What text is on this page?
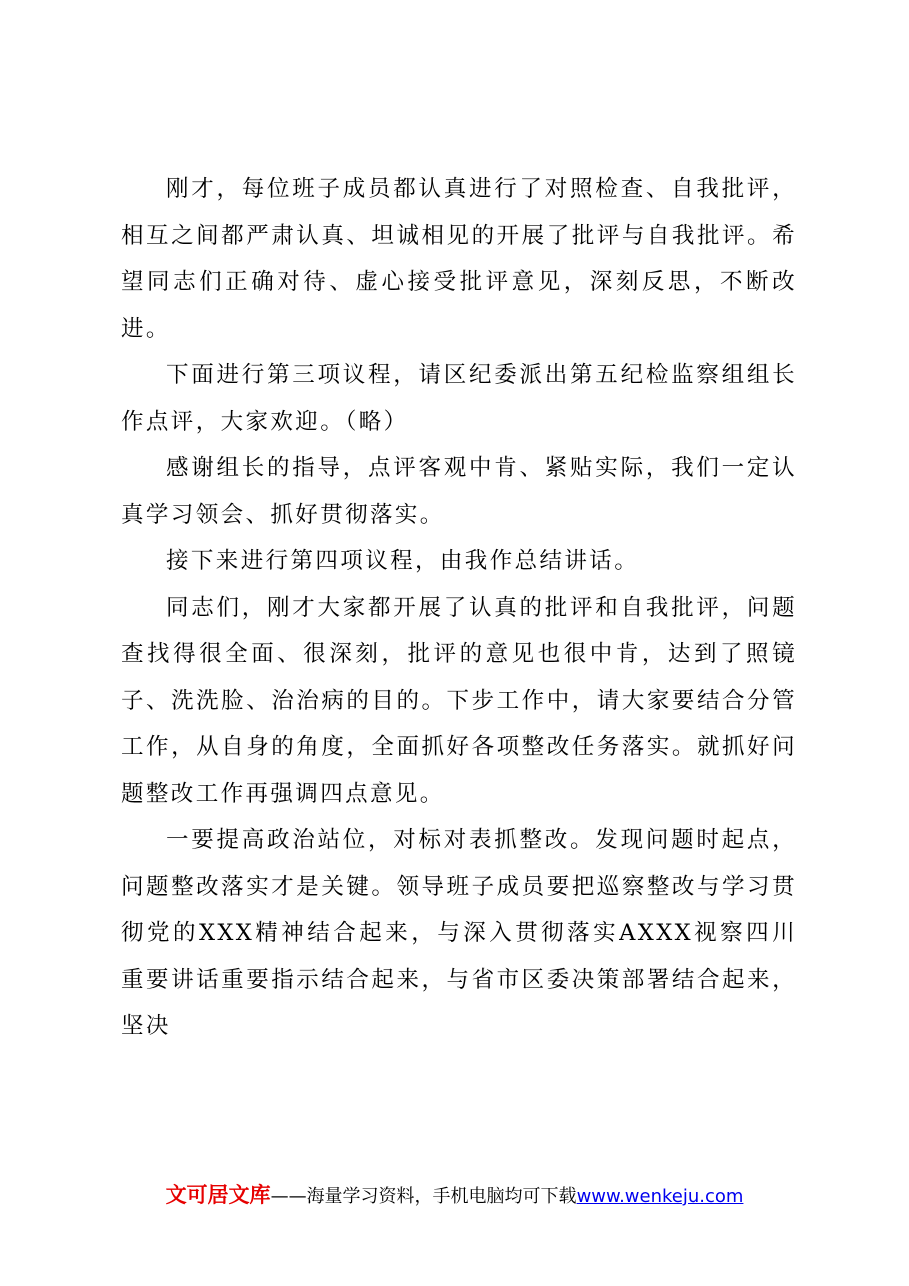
刚才，每位班子成员都认真进行了对照检查、自我批评，相互之间都严肃认真、坦诚相见的开展了批评与自我批评。希望同志们正确对待、虚心接受批评意见，深刻反思，不断改进。

下面进行第三项议程，请区纪委派出第五纪检监察组组长作点评，大家欢迎。（略）

感谢组长的指导，点评客观中肯、紧贴实际，我们一定认真学习领会、抓好贯彻落实。

接下来进行第四项议程，由我作总结讲话。

同志们，刚才大家都开展了认真的批评和自我批评，问题查找得很全面、很深刻，批评的意见也很中肯，达到了照镜子、洗洗脸、治治病的目的。下步工作中，请大家要结合分管工作，从自身的角度，全面抓好各项整改任务落实。就抓好问题整改工作再强调四点意见。

一要提高政治站位，对标对表抓整改。发现问题时起点，问题整改落实才是关键。领导班子成员要把巡察整改与学习贯彻党的XXX精神结合起来，与深入贯彻落实AXXX视察四川重要讲话重要指示结合起来，与省市区委决策部署结合起来，坚决

文可居文库——海量学习资料，手机电脑均可下载www.wenkeju.com
